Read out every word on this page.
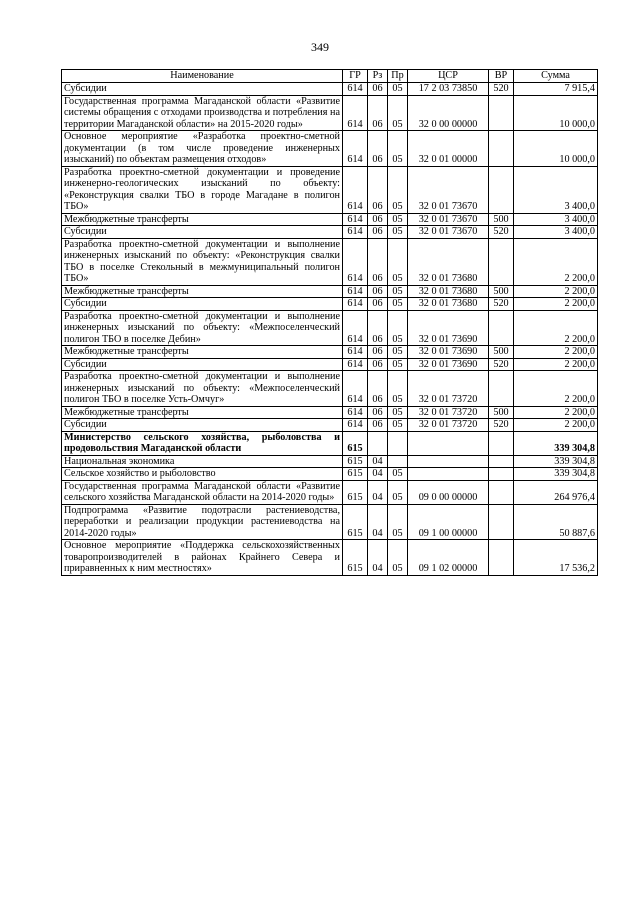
349
Наименование	ГР	Рз	Пр	ЦСР	ВР	Сумма
Субсидии	614	06	05	17 2 03 73850	520	7 915,4
Государственная программа Магаданской области «Развитие системы обращения с отходами производства и потребления на территории Магаданской области» на 2015-2020 годы»	614	06	05	32 0 00 00000		10 000,0
Основное мероприятие «Разработка проектно-сметной документации (в том числе проведение инженерных изысканий) по объектам размещения отходов»	614	06	05	32 0 01 00000		10 000,0
Разработка проектно-сметной документации и проведение инженерно-геологических изысканий по объекту: «Реконструкция свалки ТБО в городе Магадане в полигон ТБО»	614	06	05	32 0 01 73670		3 400,0
Межбюджетные трансферты	614	06	05	32 0 01 73670	500	3 400,0
Субсидии	614	06	05	32 0 01 73670	520	3 400,0
Разработка проектно-сметной документации и выполнение инженерных изысканий по объекту: «Реконструкция свалки ТБО в поселке Стекольный в межмуниципальный полигон ТБО»	614	06	05	32 0 01 73680		2 200,0
Межбюджетные трансферты	614	06	05	32 0 01 73680	500	2 200,0
Субсидии	614	06	05	32 0 01 73680	520	2 200,0
Разработка проектно-сметной документации и выполнение инженерных изысканий по объекту: «Межпоселенческий полигон ТБО в поселке Дебин»	614	06	05	32 0 01 73690		2 200,0
Межбюджетные трансферты	614	06	05	32 0 01 73690	500	2 200,0
Субсидии	614	06	05	32 0 01 73690	520	2 200,0
Разработка проектно-сметной документации и выполнение инженерных изысканий по объекту: «Межпоселенческий полигон ТБО в поселке Усть-Омчуг»	614	06	05	32 0 01 73720		2 200,0
Межбюджетные трансферты	614	06	05	32 0 01 73720	500	2 200,0
Субсидии	614	06	05	32 0 01 73720	520	2 200,0
Министерство сельского хозяйства, рыболовства и продовольствия Магаданской области	615					339 304,8
Национальная экономика	615	04				339 304,8
Сельское хозяйство и рыболовство	615	04	05			339 304,8
Государственная программа Магаданской области «Развитие сельского хозяйства Магаданской области на 2014-2020 годы»	615	04	05	09 0 00 00000		264 976,4
Подпрограмма «Развитие подотрасли растениеводства, переработки и реализации продукции растениеводства на 2014-2020 годы»	615	04	05	09 1 00 00000		50 887,6
Основное мероприятие «Поддержка сельскохозяйственных товаропроизводителей в районах Крайнего Севера и приравненных к ним местностях»	615	04	05	09 1 02 00000		17 536,2
